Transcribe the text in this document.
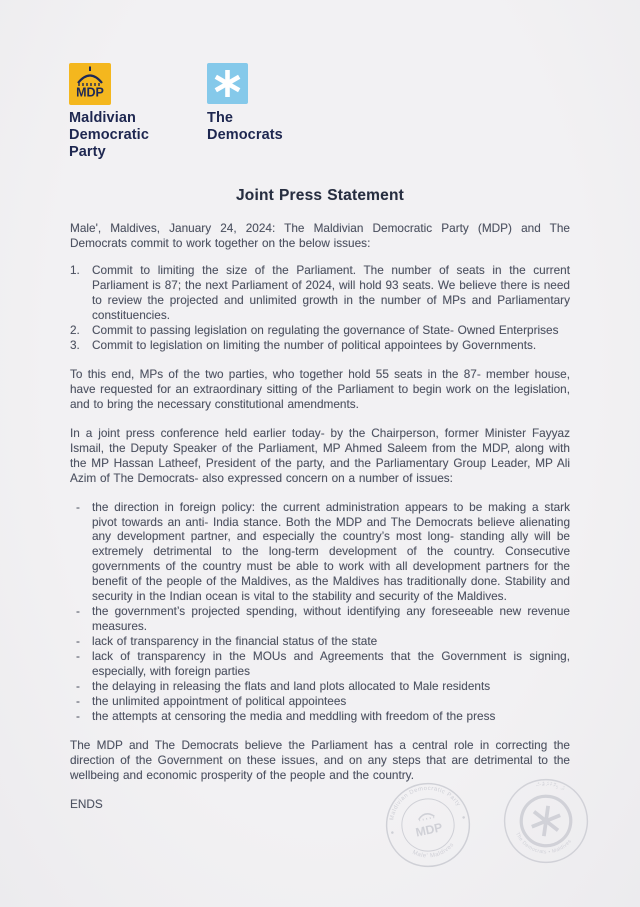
MDP
Maldivian
Democratic
Party
The
Democrats
Joint Press Statement

Male', Maldives, January 24, 2024: The Maldivian Democratic Party (MDP) and The Democrats commit to work together on the below issues:

1.	Commit to limiting the size of the Parliament. The number of seats in the current Parliament is 87; the next Parliament of 2024, will hold 93 seats. We believe there is need to review the projected and unlimited growth in the number of MPs and Parliamentary constituencies.
2.	Commit to passing legislation on regulating the governance of State- Owned Enterprises
3.	Commit to legislation on limiting the number of political appointees by Governments.

To this end, MPs of the two parties, who together hold 55 seats in the 87- member house, have requested for an extraordinary sitting of the Parliament to begin work on the legislation, and to bring the necessary constitutional amendments.

In a joint press conference held earlier today- by the Chairperson, former Minister Fayyaz Ismail, the Deputy Speaker of the Parliament, MP Ahmed Saleem from the MDP, along with the MP Hassan Latheef, President of the party, and the Parliamentary Group Leader, MP Ali Azim of The Democrats- also expressed concern on a number of issues:

-	the direction in foreign policy: the current administration appears to be making a stark pivot towards an anti- India stance. Both the MDP and The Democrats believe alienating any development partner, and especially the country’s most long- standing ally will be extremely detrimental to the long-term development of the country. Consecutive governments of the country must be able to work with all development partners for the benefit of the people of the Maldives, as the Maldives has traditionally done. Stability and security in the Indian ocean is vital to the stability and security of the Maldives.
-	the government’s projected spending, without identifying any foreseeable new revenue measures.
-	lack of transparency in the financial status of the state
-	lack of transparency in the MOUs and Agreements that the Government is signing, especially, with foreign parties
-	the delaying in releasing the flats and land plots allocated to Male residents
-	the unlimited appointment of political appointees
-	the attempts at censoring the media and meddling with freedom of the press

The MDP and The Democrats believe the Parliament has a central role in correcting the direction of the Government on these issues, and on any steps that are detrimental to the wellbeing and economic prosperity of the people and the country.

ENDS

MDP
Maldivian Democratic Party
Male' Maldives
ދަ ޑިމޮކްރެޓްސް
The Democrats • Maldives
